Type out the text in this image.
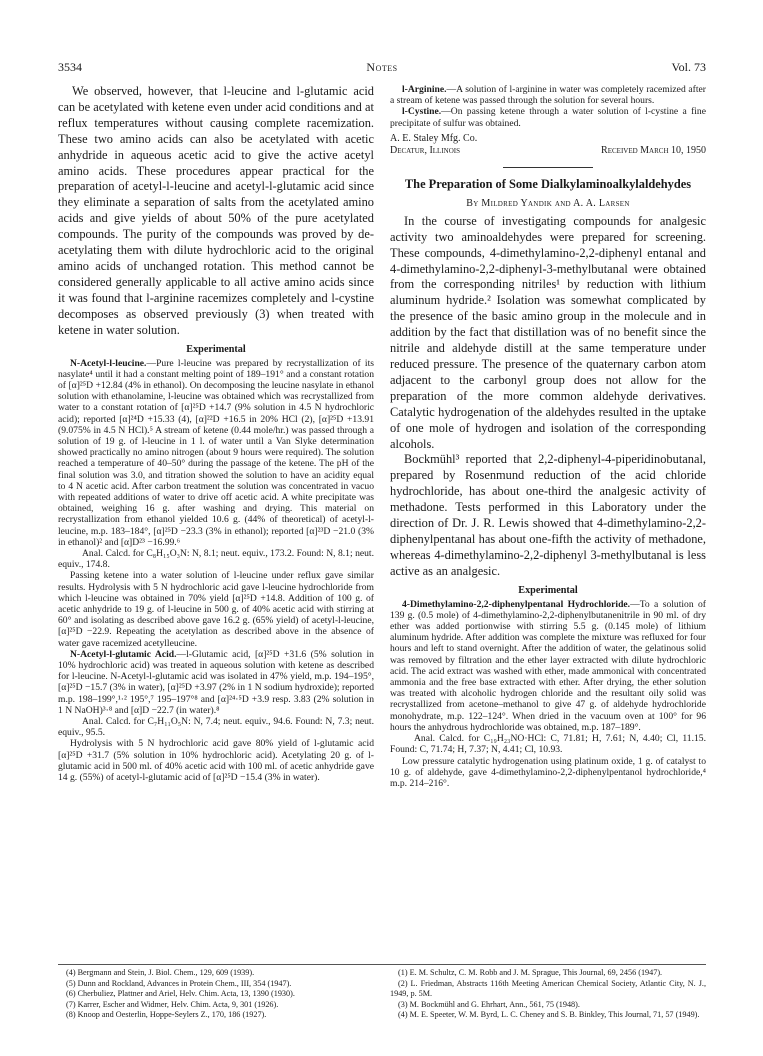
3534	Notes	Vol. 73

We observed, however, that l-leucine and l-glutamic acid can be acetylated with ketene even under acid conditions and at reflux temperatures without causing complete racemization. These two amino acids can also be acetylated with acetic anhydride in aqueous acetic acid to give the active acetyl amino acids. These procedures appear practical for the preparation of acetyl-l-leucine and acetyl-l-glutamic acid since they eliminate a separation of salts from the acetylated amino acids and give yields of about 50% of the pure acetylated compounds. The purity of the compounds was proved by de-acetylating them with dilute hydrochloric acid to the original amino acids of unchanged rotation. This method cannot be considered generally applicable to all active amino acids since it was found that l-arginine racemizes completely and l-cystine decomposes as observed previously (3) when treated with ketene in water solution.

Experimental

N-Acetyl-l-leucine.—Pure l-leucine was prepared by recrystallization of its nasylate⁴ until it had a constant melting point of 189–191° and a constant rotation of [α]²⁵D +12.84 (4% in ethanol). On decomposing the leucine nasylate in ethanol solution with ethanolamine, l-leucine was obtained which was recrystallized from water to a constant rotation of [α]²⁵D +14.7 (9% solution in 4.5 N hydrochloric acid); reported [α]²⁴D +15.33 (4), [α]²²D +16.5 in 20% HCl (2), [α]²⁵D +13.91 (9.075% in 4.5 N HCl).⁵ A stream of ketene (0.44 mole/hr.) was passed through a solution of 19 g. of l-leucine in 1 l. of water until a Van Slyke determination showed practically no amino nitrogen (about 9 hours were required). The solution reached a temperature of 40–50° during the passage of the ketene. The pH of the final solution was 3.0, and titration showed the solution to have an acidity equal to 4 N acetic acid. After carbon treatment the solution was concentrated in vacuo with repeated additions of water to drive off acetic acid. A white precipitate was obtained, weighing 16 g. after washing and drying. This material on recrystallization from ethanol yielded 10.6 g. (44% of theoretical) of acetyl-l-leucine, m.p. 183–184°, [α]²⁵D −23.3 (3% in ethanol); reported [α]²³D −21.0 (3% in ethanol)² and [α]D²³ −16.99.⁶

Anal. Calcd. for C₈H₁₅O₃N: N, 8.1; neut. equiv., 173.2. Found: N, 8.1; neut. equiv., 174.8.

Passing ketene into a water solution of l-leucine under reflux gave similar results. Hydrolysis with 5 N hydrochloric acid gave l-leucine hydrochloride from which l-leucine was obtained in 70% yield [α]²⁵D +14.8. Addition of 100 g. of acetic anhydride to 19 g. of l-leucine in 500 g. of 40% acetic acid with stirring at 60° and isolating as described above gave 16.2 g. (65% yield) of acetyl-l-leucine, [α]²⁵D −22.9. Repeating the acetylation as described above in the absence of water gave racemized acetylleucine.

N-Acetyl-l-glutamic Acid.—l-Glutamic acid, [α]²⁵D +31.6 (5% solution in 10% hydrochloric acid) was treated in aqueous solution with ketene as described for l-leucine. N-Acetyl-l-glutamic acid was isolated in 47% yield, m.p. 194–195°, [α]²⁵D −15.7 (3% in water), [α]²⁵D +3.97 (2% in 1 N sodium hydroxide); reported m.p. 198–199°,¹·² 195°,⁷ 195–197°⁸ and [α]²⁴·⁵D +3.9 resp. 3.83 (2% solution in 1 N NaOH)³·⁸ and [α]D −22.7 (in water).⁸

Anal. Calcd. for C₇H₁₁O₅N: N, 7.4; neut. equiv., 94.6. Found: N, 7.3; neut. equiv., 95.5.

Hydrolysis with 5 N hydrochloric acid gave 80% yield of l-glutamic acid [α]²⁵D +31.7 (5% solution in 10% hydrochloric acid). Acetylating 20 g. of l-glutamic acid in 500 ml. of 40% acetic acid with 100 ml. of acetic anhydride gave 14 g. (55%) of acetyl-l-glutamic acid of [α]²⁵D −15.4 (3% in water).

l-Arginine.—A solution of l-arginine in water was completely racemized after a stream of ketene was passed through the solution for several hours.

l-Cystine.—On passing ketene through a water solution of l-cystine a fine precipitate of sulfur was obtained.

A. E. Staley Mfg. Co.
Decatur, Illinois	Received March 10, 1950
The Preparation of Some Dialkylaminoalkylaldehydes
By Mildred Yandik and A. A. Larsen

In the course of investigating compounds for analgesic activity two aminoaldehydes were prepared for screening. These compounds, 4-dimethylamino-2,2-diphenyl entanal and 4-dimethylamino-2,2-diphenyl-3-methylbutanal were obtained from the corresponding nitriles¹ by reduction with lithium aluminum hydride.² Isolation was somewhat complicated by the presence of the basic amino group in the molecule and in addition by the fact that distillation was of no benefit since the nitrile and aldehyde distill at the same temperature under reduced pressure. The presence of the quaternary carbon atom adjacent to the carbonyl group does not allow for the preparation of the more common aldehyde derivatives. Catalytic hydrogenation of the aldehydes resulted in the uptake of one mole of hydrogen and isolation of the corresponding alcohols.

Bockmühl³ reported that 2,2-diphenyl-4-piperidinobutanal, prepared by Rosenmund reduction of the acid chloride hydrochloride, has about one-third the analgesic activity of methadone. Tests performed in this Laboratory under the direction of Dr. J. R. Lewis showed that 4-dimethylamino-2,2-diphenylpentanal has about one-fifth the activity of methadone, whereas 4-dimethylamino-2,2-diphenyl 3-methylbutanal is less active as an analgesic.

Experimental

4-Dimethylamino-2,2-diphenylpentanal Hydrochloride.—To a solution of 139 g. (0.5 mole) of 4-dimethylamino-2,2-diphenylbutanenitrile in 90 ml. of dry ether was added portionwise with stirring 5.5 g. (0.145 mole) of lithium aluminum hydride. After addition was complete the mixture was refluxed for four hours and left to stand overnight. After the addition of water, the gelatinous solid was removed by filtration and the ether layer extracted with dilute hydrochloric acid. The acid extract was washed with ether, made ammonical with concentrated ammonia and the free base extracted with ether. After drying, the ether solution was treated with alcoholic hydrogen chloride and the resultant oily solid was recrystallized from acetone–methanol to give 47 g. of aldehyde hydrochloride monohydrate, m.p. 122–124°. When dried in the vacuum oven at 100° for 96 hours the anhydrous hydrochloride was obtained, m.p. 187–189°.

Anal. Calcd. for C₁₉H₂₃NO·HCl: C, 71.81; H, 7.61; N, 4.40; Cl, 11.15. Found: C, 71.74; H, 7.37; N, 4.41; Cl, 10.93.

Low pressure catalytic hydrogenation using platinum oxide, 1 g. of catalyst to 10 g. of aldehyde, gave 4-dimethylamino-2,2-diphenylpentanol hydrochloride,⁴ m.p. 214–216°.

(4) Bergmann and Stein, J. Biol. Chem., 129, 609 (1939).
(5) Dunn and Rockland, Advances in Protein Chem., III, 354 (1947).
(6) Cherbuliez, Plattner and Ariel, Helv. Chim. Acta, 13, 1390 (1930).
(7) Karrer, Escher and Widmer, Helv. Chim. Acta, 9, 301 (1926).
(8) Knoop and Oesterlin, Hoppe-Seylers Z., 170, 186 (1927).
(1) E. M. Schultz, C. M. Robb and J. M. Sprague, This Journal, 69, 2456 (1947).
(2) L. Friedman, Abstracts 116th Meeting American Chemical Society, Atlantic City, N. J., 1949, p. 5M.
(3) M. Bockmühl and G. Ehrhart, Ann., 561, 75 (1948).
(4) M. E. Speeter, W. M. Byrd, L. C. Cheney and S. B. Binkley, This Journal, 71, 57 (1949).
